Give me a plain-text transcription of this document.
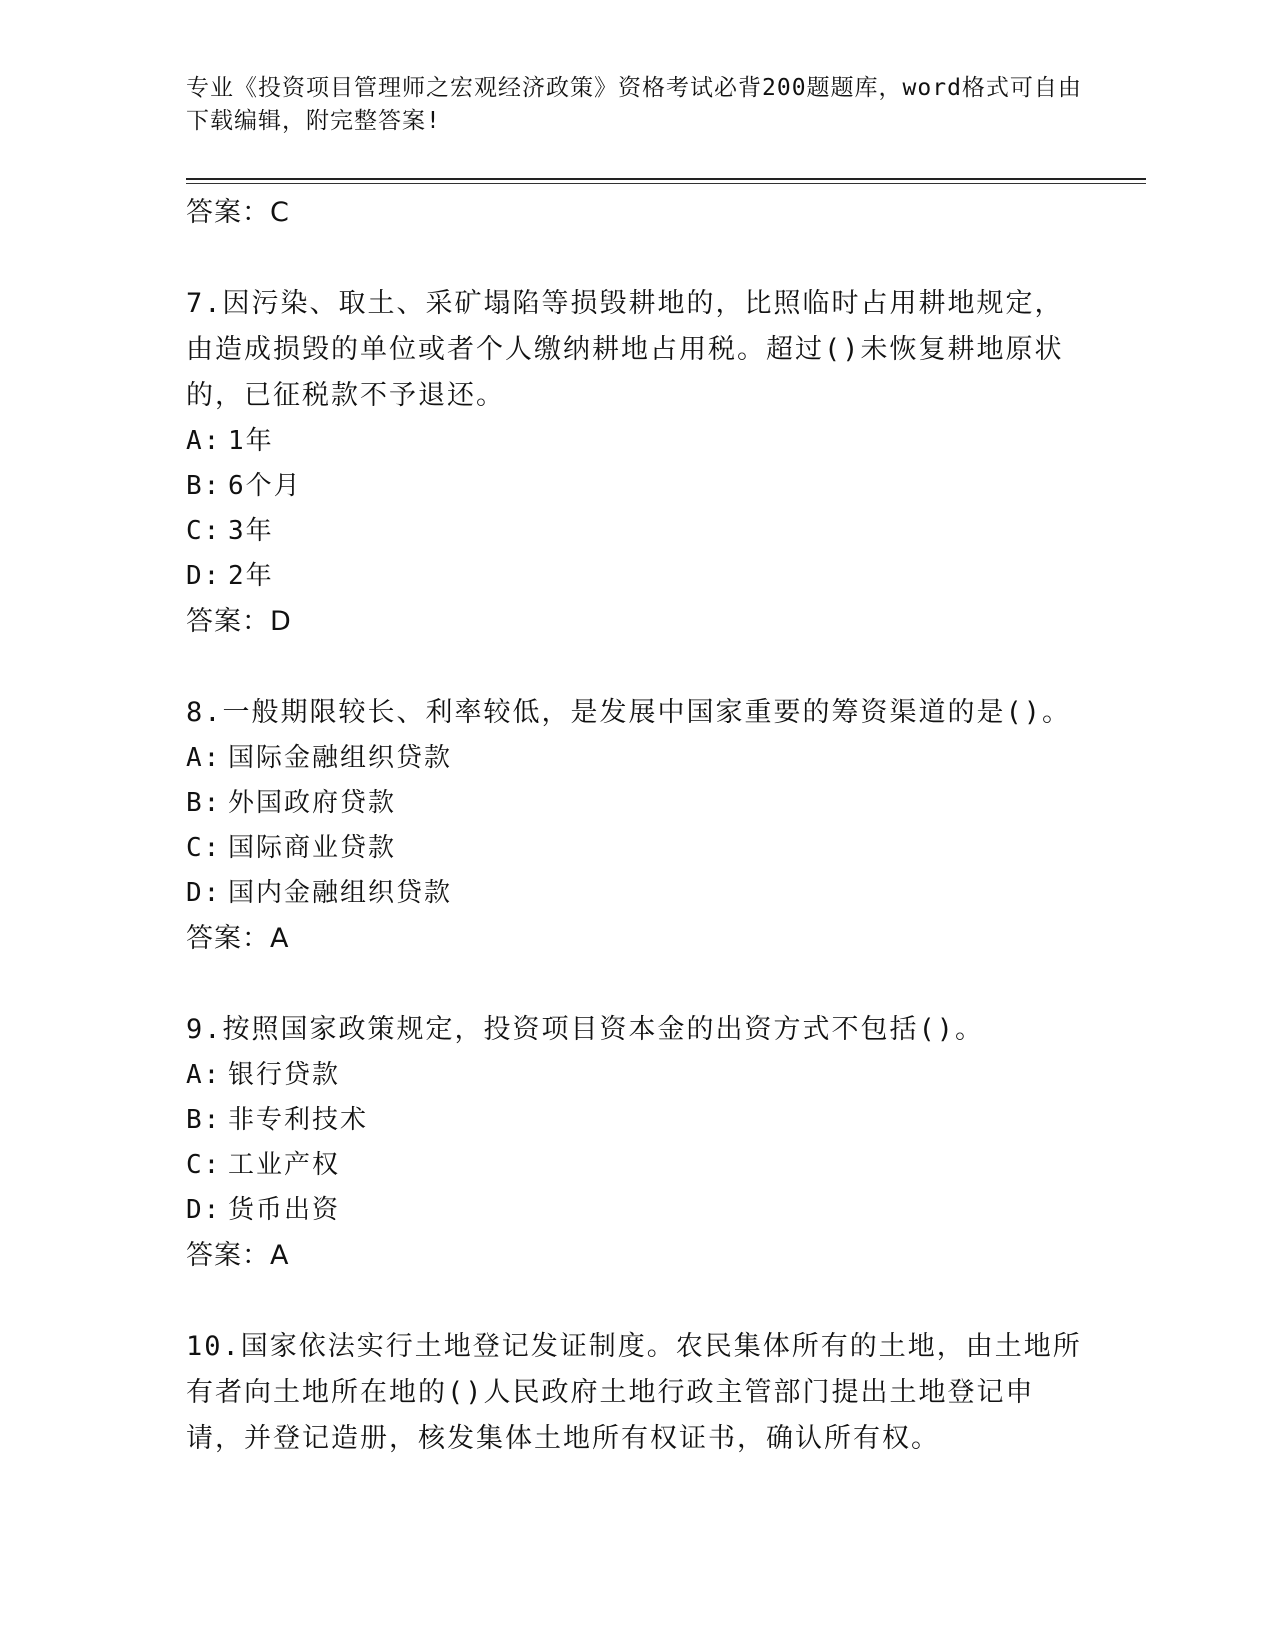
专业《投资项目管理师之宏观经济政策》资格考试必背200题题库，word格式可自由下载编辑，附完整答案!

答案：C

7.因污染、取土、采矿塌陷等损毁耕地的，比照临时占用耕地规定，由造成损毁的单位或者个人缴纳耕地占用税。超过()未恢复耕地原状的，已征税款不予退还。

A: 1年

B: 6个月

C: 3年

D: 2年

答案：D

8.一般期限较长、利率较低，是发展中国家重要的筹资渠道的是()。

A: 国际金融组织贷款

B: 外国政府贷款

C: 国际商业贷款

D: 国内金融组织贷款

答案：A

9.按照国家政策规定，投资项目资本金的出资方式不包括()。

A: 银行贷款

B: 非专利技术

C: 工业产权

D: 货币出资

答案：A

10.国家依法实行土地登记发证制度。农民集体所有的土地，由土地所有者向土地所在地的()人民政府土地行政主管部门提出土地登记申请，并登记造册，核发集体土地所有权证书，确认所有权。
